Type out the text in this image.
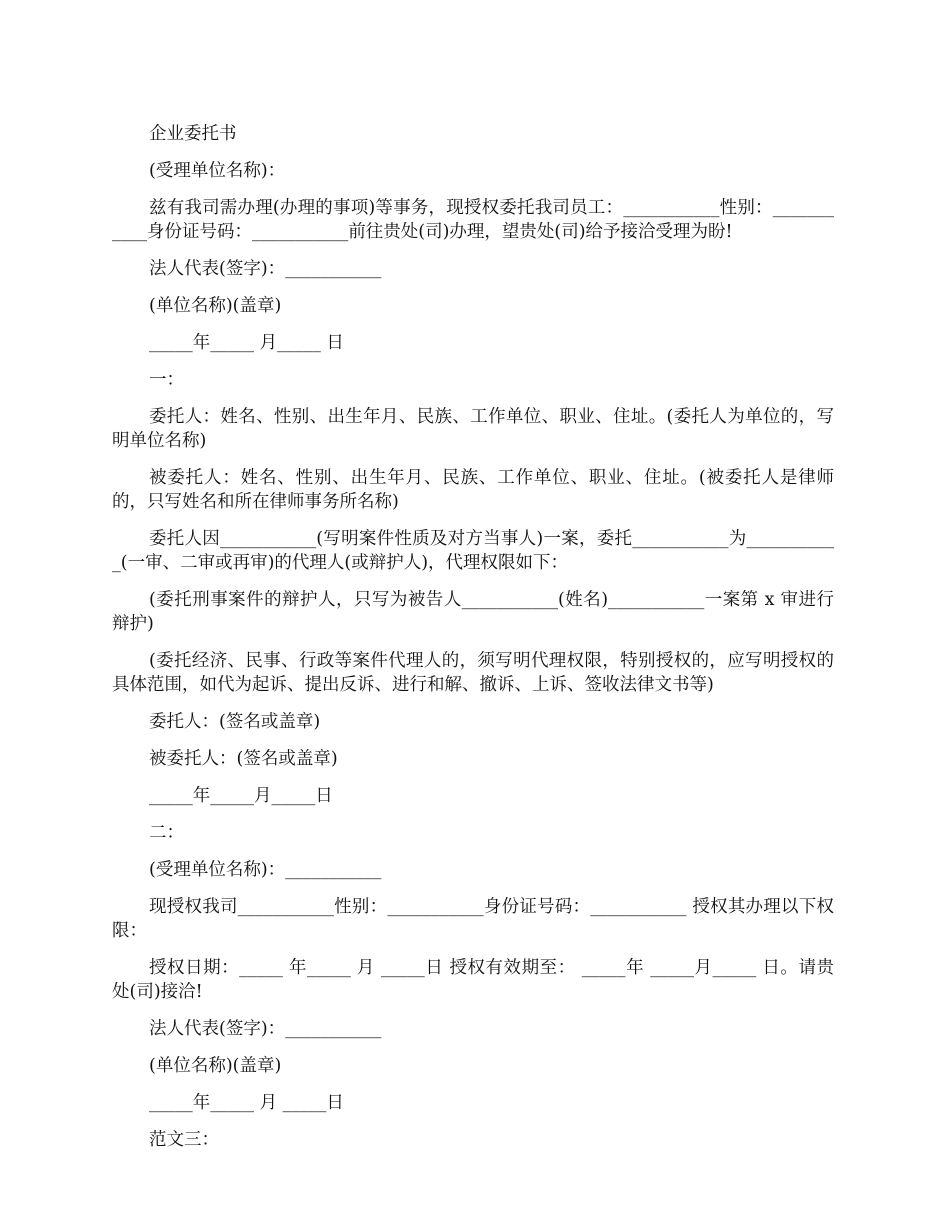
企业委托书

(受理单位名称)：

兹有我司需办理(办理的事项)等事务，现授权委托我司员工：___________性别：___________身份证号码：___________前往贵处(司)办理，望贵处(司)给予接洽受理为盼!

法人代表(签字)：___________

(单位名称)(盖章)

_____年_____ 月_____ 日

一：

委托人：姓名、性别、出生年月、民族、工作单位、职业、住址。(委托人为单位的，写明单位名称)

被委托人：姓名、性别、出生年月、民族、工作单位、职业、住址。(被委托人是律师的，只写姓名和所在律师事务所名称)

委托人因___________(写明案件性质及对方当事人)一案，委托___________为___________(一审、二审或再审)的代理人(或辩护人)，代理权限如下：

(委托刑事案件的辩护人，只写为被告人___________(姓名)___________一案第 x 审进行辩护)

(委托经济、民事、行政等案件代理人的，须写明代理权限，特别授权的，应写明授权的具体范围，如代为起诉、提出反诉、进行和解、撤诉、上诉、签收法律文书等)

委托人：(签名或盖章)

被委托人：(签名或盖章)

_____年_____月_____日

二：

(受理单位名称)：___________

现授权我司___________性别：___________身份证号码：___________ 授权其办理以下权限：

授权日期：_____ 年_____ 月 _____日 授权有效期至： _____年 _____月_____ 日。请贵处(司)接洽!

法人代表(签字)：___________

(单位名称)(盖章)

_____年_____ 月 _____日

范文三：
